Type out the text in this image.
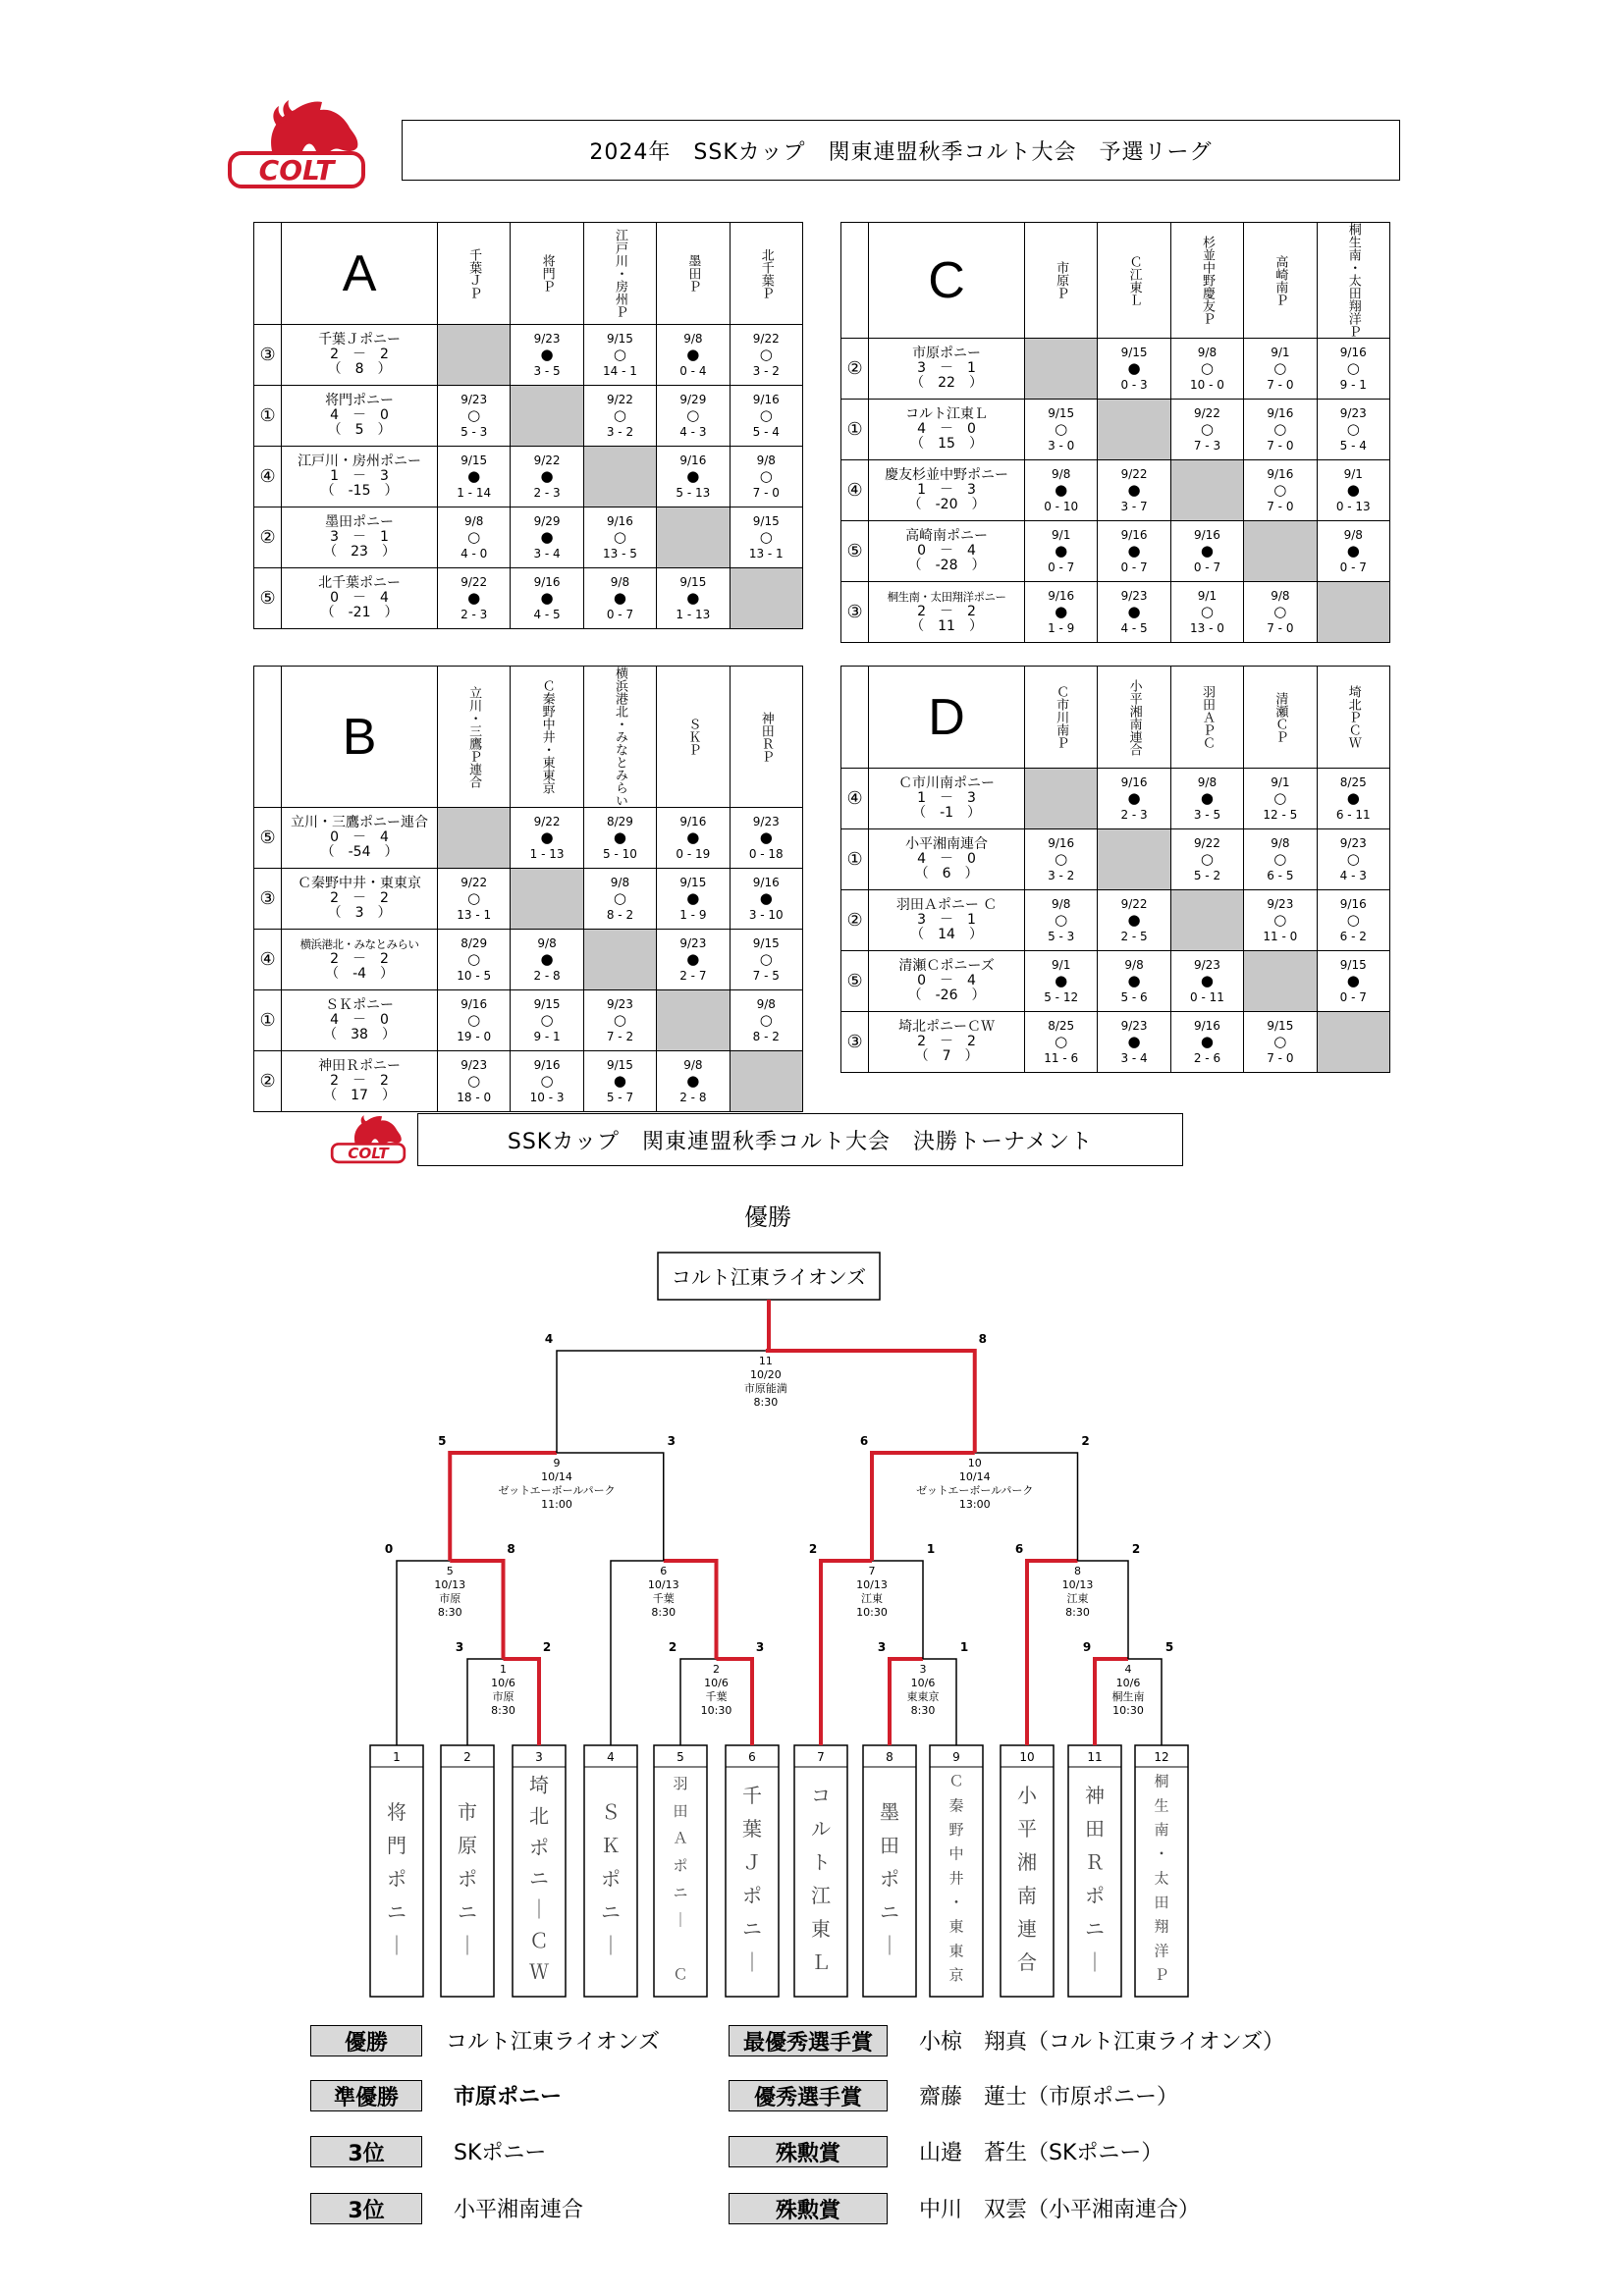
COLT
COLT
2024年　SSKカップ　関東連盟秋季コルト大会　予選リーグ
	A	千葉ＪＰ	将門Ｐ	江戸川・房州Ｐ	墨田Ｐ	北千葉Ｐ

③	千葉Ｊポニー
2　－　2
（　8　）		9/23
●
3 - 5	9/15
○
14 - 1	9/8
●
0 - 4	9/22
○
3 - 2

①	将門ポニー
4　－　0
（　5　）	9/23
○
5 - 3		9/22
○
3 - 2	9/29
○
4 - 3	9/16
○
5 - 4

④	江戸川・房州ポニー
1　－　3
（　-15　）	9/15
●
1 - 14	9/22
●
2 - 3		9/16
●
5 - 13	9/8
○
7 - 0

②	墨田ポニー
3　－　1
（　23　）	9/8
○
4 - 0	9/29
●
3 - 4	9/16
○
13 - 5		9/15
○
13 - 1

⑤	北千葉ポニー
0　－　4
（　-21　）	9/22
●
2 - 3	9/16
●
4 - 5	9/8
●
0 - 7	9/15
●
1 - 13	

	C	市原Ｐ	Ｃ江東Ｌ	杉並中野慶友Ｐ	高崎南Ｐ	桐生南・太田翔洋Ｐ

②	市原ポニー
3　－　1
（　22　）		9/15
●
0 - 3	9/8
○
10 - 0	9/1
○
7 - 0	9/16
○
9 - 1

①	コルト江東Ｌ
4　－　0
（　15　）	9/15
○
3 - 0		9/22
○
7 - 3	9/16
○
7 - 0	9/23
○
5 - 4

④	慶友杉並中野ポニー
1　－　3
（　-20　）	9/8
●
0 - 10	9/22
●
3 - 7		9/16
○
7 - 0	9/1
●
0 - 13

⑤	高崎南ポニー
0　－　4
（　-28　）	9/1
●
0 - 7	9/16
●
0 - 7	9/16
●
0 - 7		9/8
●
0 - 7

③	桐生南・太田翔洋ポニー
2　－　2
（　11　）	9/16
●
1 - 9	9/23
●
4 - 5	9/1
○
13 - 0	9/8
○
7 - 0	

	B	立川・三鷹Ｐ連合	Ｃ秦野中井・東東京	横浜港北・みなとみらい	ＳＫＰ	神田ＲＰ

⑤	立川・三鷹ポニー連合
0　－　4
（　-54　）		9/22
●
1 - 13	8/29
●
5 - 10	9/16
●
0 - 19	9/23
●
0 - 18

③	Ｃ秦野中井・東東京
2　－　2
（　3　）	9/22
○
13 - 1		9/8
○
8 - 2	9/15
●
1 - 9	9/16
●
3 - 10

④	横浜港北・みなとみらい
2　－　2
（　-4　）	8/29
○
10 - 5	9/8
●
2 - 8		9/23
●
2 - 7	9/15
○
7 - 5

①	ＳＫポニー
4　－　0
（　38　）	9/16
○
19 - 0	9/15
○
9 - 1	9/23
○
7 - 2		9/8
○
8 - 2

②	神田Ｒポニー
2　－　2
（　17　）	9/23
○
18 - 0	9/16
○
10 - 3	9/15
●
5 - 7	9/8
●
2 - 8	

	D	Ｃ市川南Ｐ	小平湘南連合	羽田ＡＰＣ	清瀬ＣＰ	埼北ＰＣＷ

④	Ｃ市川南ポニー
1　－　3
（　-1　）		9/16
●
2 - 3	9/8
●
3 - 5	9/1
○
12 - 5	8/25
●
6 - 11

①	小平湘南連合
4　－　0
（　6　）	9/16
○
3 - 2		9/22
○
5 - 2	9/8
○
6 - 5	9/23
○
4 - 3

②	羽田Ａポニー Ｃ
3　－　1
（　14　）	9/8
○
5 - 3	9/22
●
2 - 5		9/23
○
11 - 0	9/16
○
6 - 2

⑤	清瀬Ｃポニーズ
0　－　4
（　-26　）	9/1
●
5 - 12	9/8
●
5 - 6	9/23
●
0 - 11		9/15
●
0 - 7

③	埼北ポニーＣＷ
2　－　2
（　7　）	8/25
○
11 - 6	9/23
●
3 - 4	9/16
●
2 - 6	9/15
○
7 - 0	

SSKカップ　関東連盟秋季コルト大会　決勝トーナメント
優勝
コルト江東ライオンズ
1
将
門
ポ
ニ
｜
2
市
原
ポ
ニ
｜
3
埼
北
ポ
ニ
｜
Ｃ
Ｗ
4
Ｓ
Ｋ
ポ
ニ
｜
5
羽
田
Ａ
ポ
ニ
｜
Ｃ
6
千
葉
Ｊ
ポ
ニ
｜
7
コ
ル
ト
江
東
Ｌ
8
墨
田
ポ
ニ
｜
9
Ｃ
秦
野
中
井
・
東
東
京
10
小
平
湘
南
連
合
11
神
田
Ｒ
ポ
ニ
｜
12
桐
生
南
・
太
田
翔
洋
Ｐ
1
10/6
市原
8:30
3	2
2
10/6
千葉
10:30
2	3
3
10/6
東東京
8:30
3	1
4
10/6
桐生南
10:30
9	5
5
10/13
市原
8:30
0	8
6
10/13
千葉
8:30
7
10/13
江東
10:30
2	1
8
10/13
江東
8:30
6	2
9
10/14
ゼットエーボールパーク
11:00
5	3
10
10/14
ゼットエーボールパーク
13:00
6	2
11
10/20
市原能満
8:30
4	8
優勝	コルト江東ライオンズ
準優勝	市原ポニー
3位	SKポニー
3位	小平湘南連合
最優秀選手賞	小椋　翔真（コルト江東ライオンズ）
優秀選手賞	齋藤　蓮士（市原ポニー）
殊勲賞	山邉　蒼生（SKポニー）
殊勲賞	中川　双雲（小平湘南連合）
